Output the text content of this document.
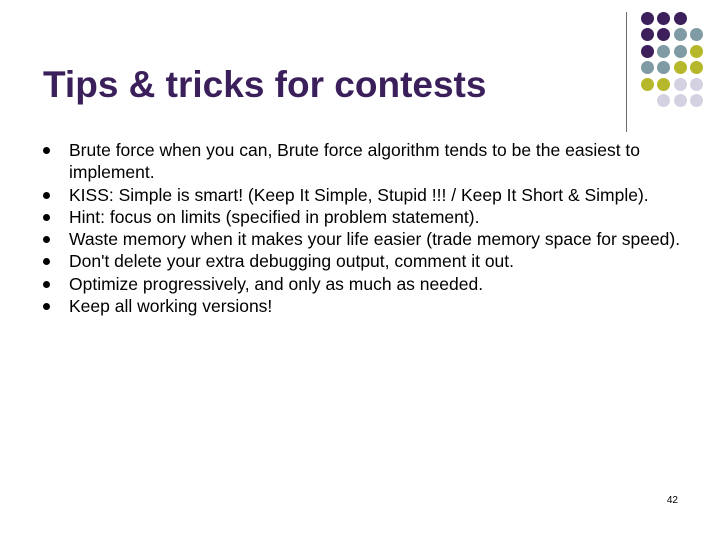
Tips & tricks for contests
Brute force when you can, Brute force algorithm tends to be the easiest to implement.
KISS: Simple is smart! (Keep It Simple, Stupid !!! / Keep It Short & Simple).
Hint: focus on limits (specified in problem statement).
Waste memory when it makes your life easier (trade memory space for speed).
Don't delete your extra debugging output, comment it out.
Optimize progressively, and only as much as needed.
Keep all working versions!
42
